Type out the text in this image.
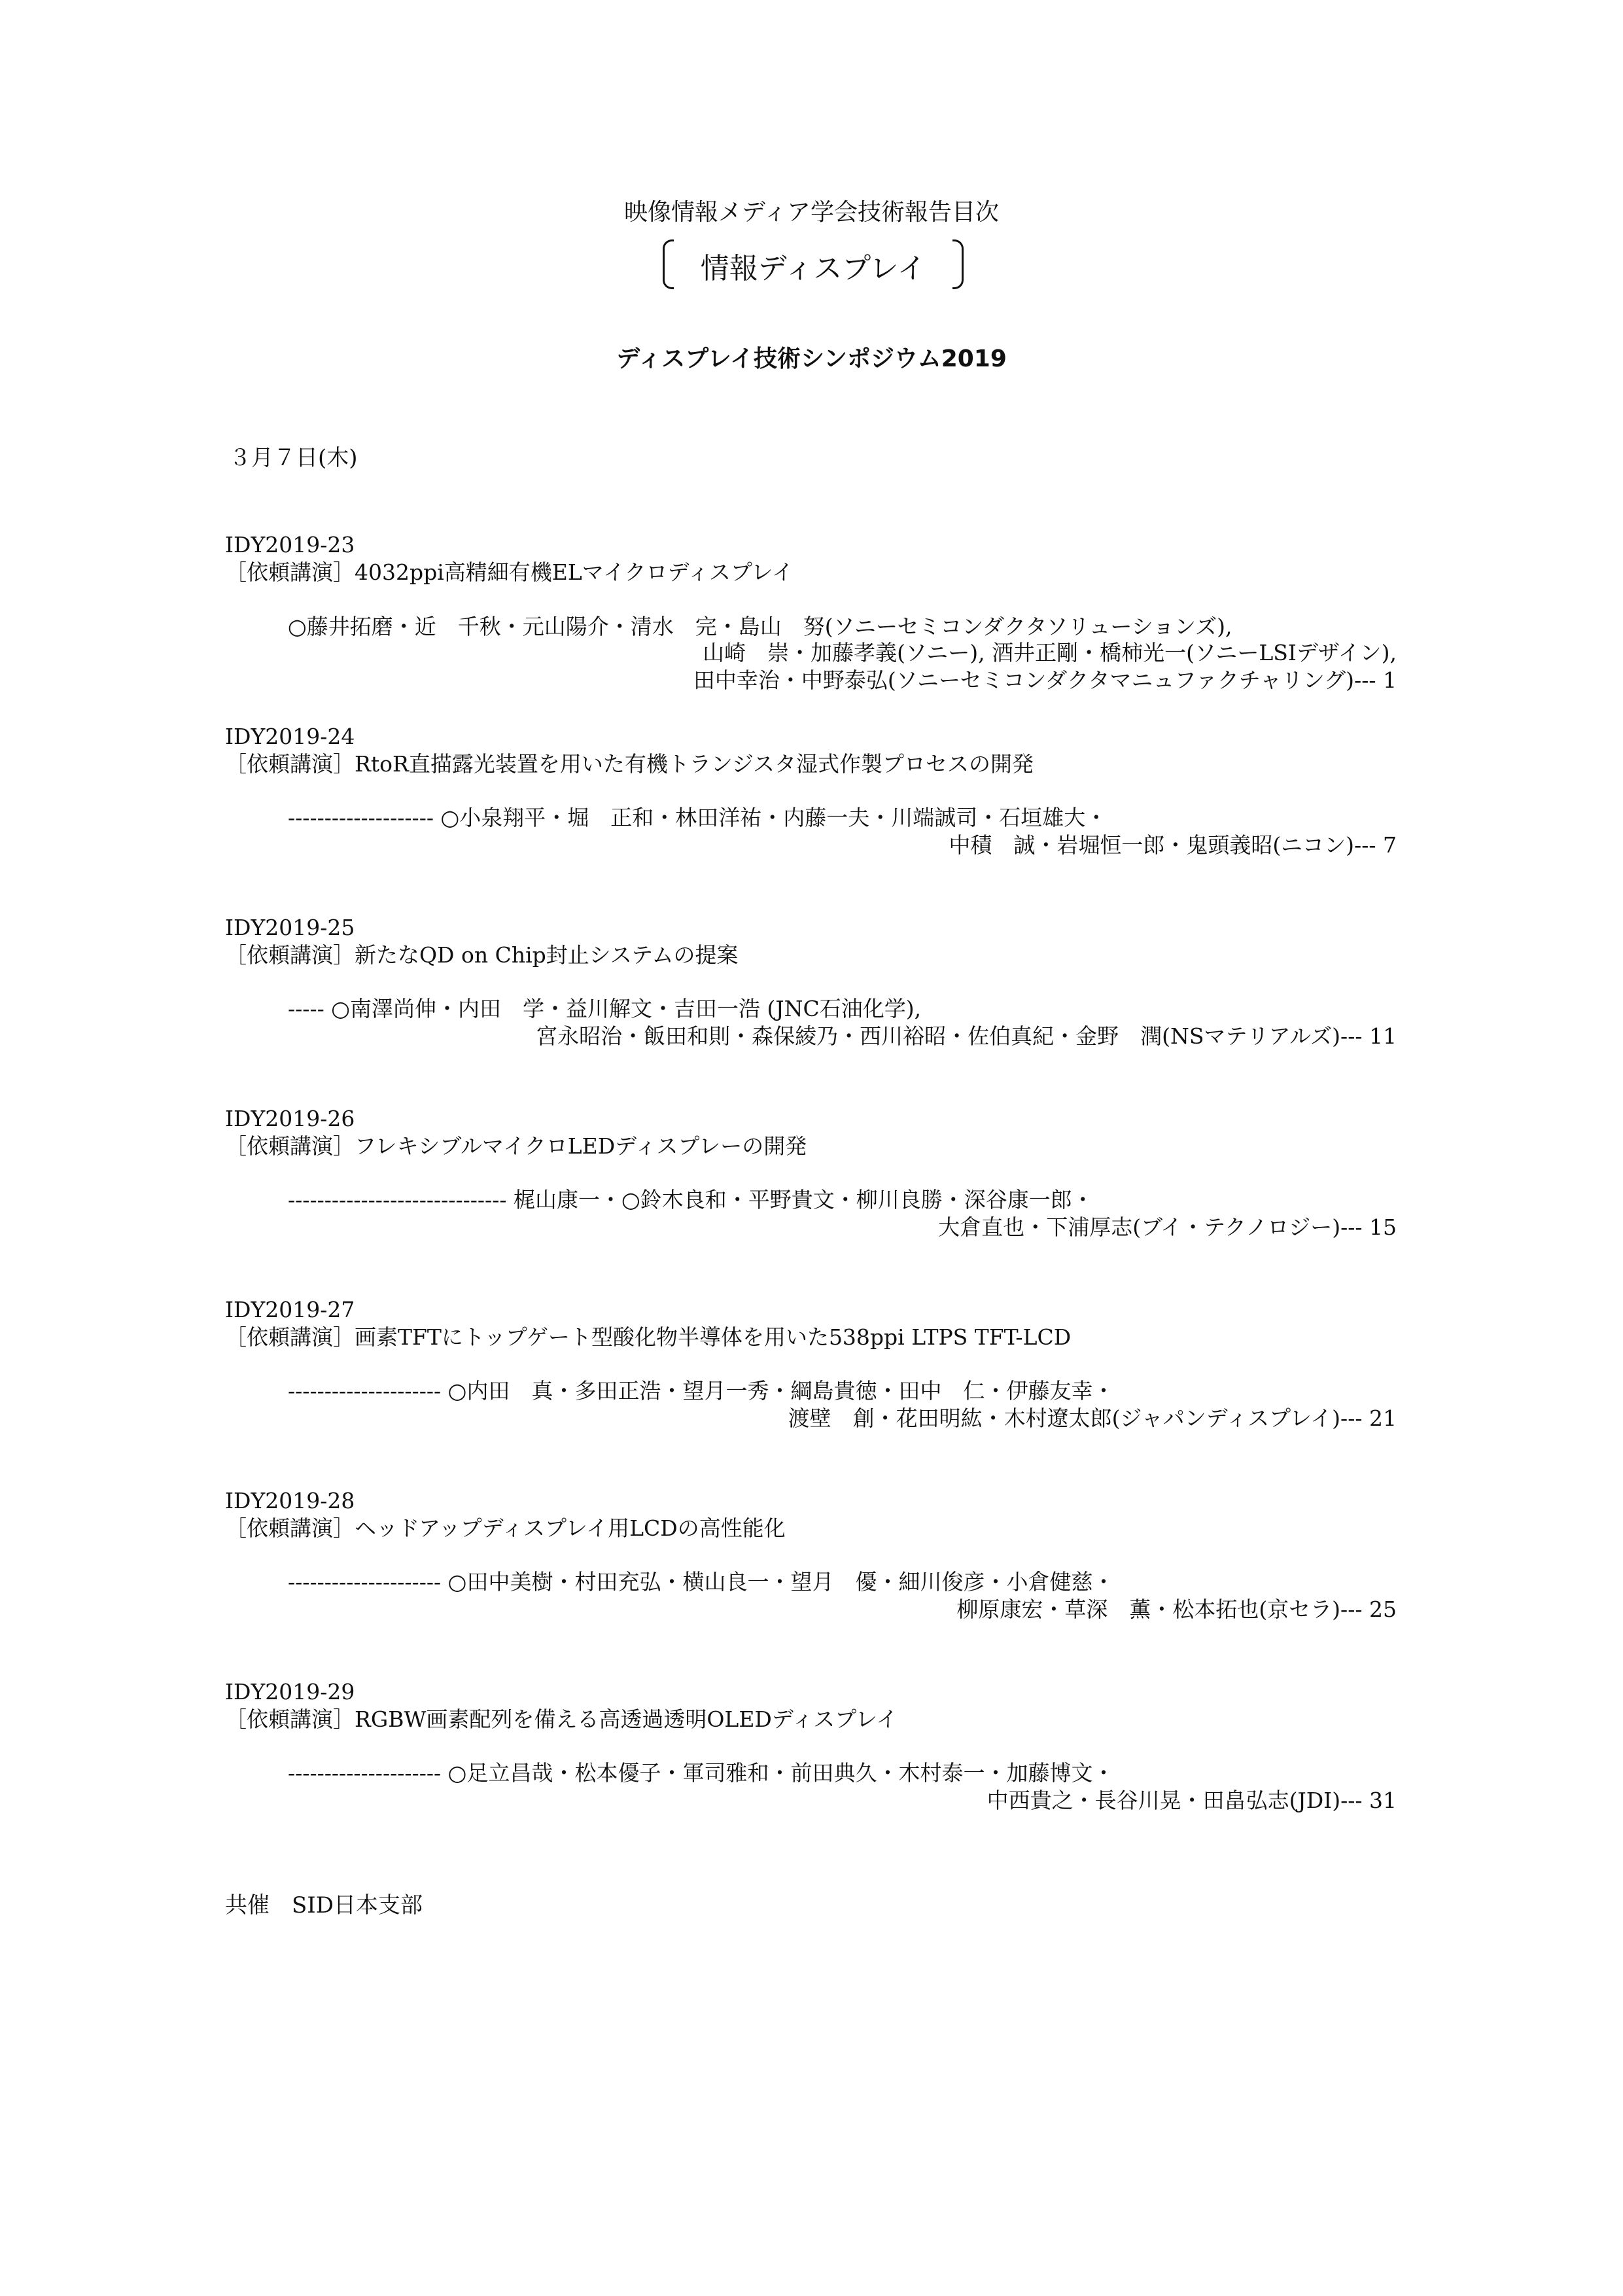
映像情報メディア学会技術報告目次
情報ディスプレイ
ディスプレイ技術シンポジウム2019
３月７日(木)
IDY2019-23
［依頼講演］4032ppi高精細有機ELマイクロディスプレイ
○藤井拓磨・近　千秋・元山陽介・清水　完・島山　努(ソニーセミコンダクタソリューションズ),
山崎　崇・加藤孝義(ソニー), 酒井正剛・橋柿光一(ソニーLSIデザイン),
田中幸治・中野泰弘(ソニーセミコンダクタマニュファクチャリング)--- 1
IDY2019-24
［依頼講演］RtoR直描露光装置を用いた有機トランジスタ湿式作製プロセスの開発
-------------------- ○小泉翔平・堀　正和・林田洋祐・内藤一夫・川端誠司・石垣雄大・
中積　誠・岩堀恒一郎・鬼頭義昭(ニコン)--- 7
IDY2019-25
［依頼講演］新たなQD on Chip封止システムの提案
----- ○南澤尚伸・内田　学・益川解文・吉田一浩 (JNC石油化学),
宮永昭治・飯田和則・森保綾乃・西川裕昭・佐伯真紀・金野　潤(NSマテリアルズ)--- 11
IDY2019-26
［依頼講演］フレキシブルマイクロLEDディスプレーの開発
------------------------------ 梶山康一・○鈴木良和・平野貴文・柳川良勝・深谷康一郎・
大倉直也・下浦厚志(ブイ・テクノロジー)--- 15
IDY2019-27
［依頼講演］画素TFTにトップゲート型酸化物半導体を用いた538ppi LTPS TFT-LCD
--------------------- ○内田　真・多田正浩・望月一秀・綱島貴徳・田中　仁・伊藤友幸・
渡壁　創・花田明紘・木村遼太郎(ジャパンディスプレイ)--- 21
IDY2019-28
［依頼講演］ヘッドアップディスプレイ用LCDの高性能化
--------------------- ○田中美樹・村田充弘・横山良一・望月　優・細川俊彦・小倉健慈・
柳原康宏・草深　薫・松本拓也(京セラ)--- 25
IDY2019-29
［依頼講演］RGBW画素配列を備える高透過透明OLEDディスプレイ
--------------------- ○足立昌哉・松本優子・軍司雅和・前田典久・木村泰一・加藤博文・
中西貴之・長谷川晃・田畠弘志(JDI)--- 31
共催　SID日本支部
